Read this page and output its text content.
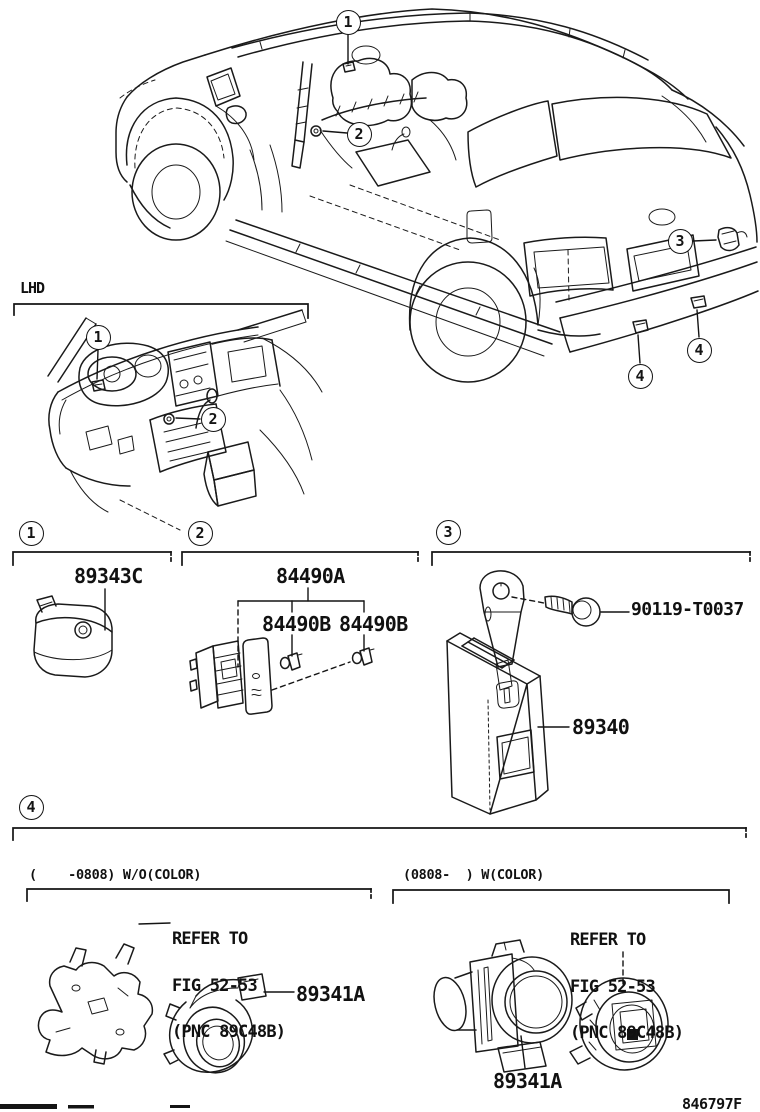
1
2
3
4
4
1
2
1	2	3
4
LHD
89343C	84490A
84490B 84490B
90119-T0037
89340
89341A
89341A
(    -0808) W/O(COLOR)	(0808-  ) W(COLOR)

REFER TO

FIG 52-53

(PNC 89C48B)

REFER TO

FIG 52-53

(PNC 89C48B)

846797F
